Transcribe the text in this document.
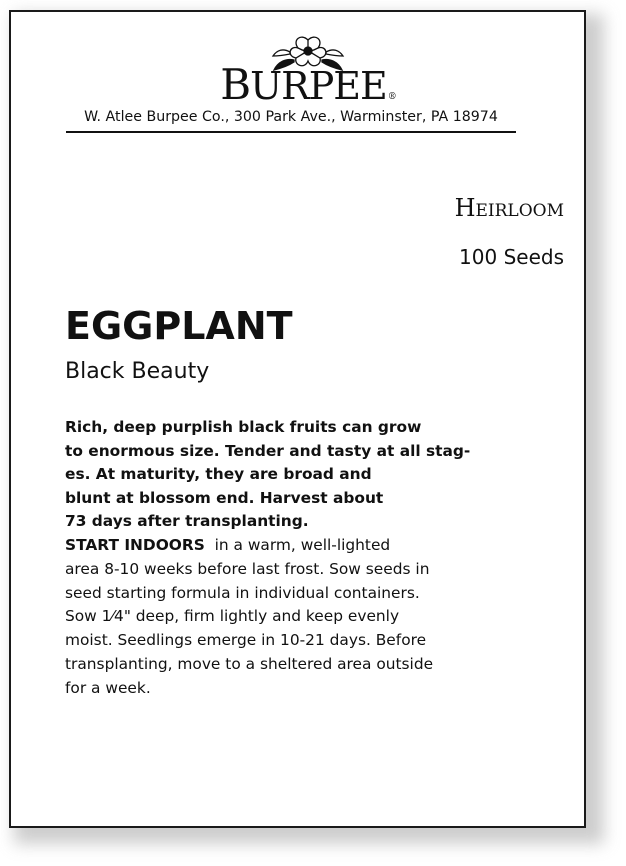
BURPEE®
W. Atlee Burpee Co., 300 Park Ave., Warminster, PA 18974
Heirloom
100 Seeds
EGGPLANT
Black Beauty
Rich, deep purplish black fruits can grow
to enormous size. Tender and tasty at all stag-
es. At maturity, they are broad and
blunt at blossom end. Harvest about
73 days after transplanting.
START INDOORS  in a warm, well-lighted
area 8-10 weeks before last frost. Sow seeds in
seed starting formula in individual containers.
Sow 1⁄4" deep, firm lightly and keep evenly
moist. Seedlings emerge in 10-21 days. Before
transplanting, move to a sheltered area outside
for a week.
